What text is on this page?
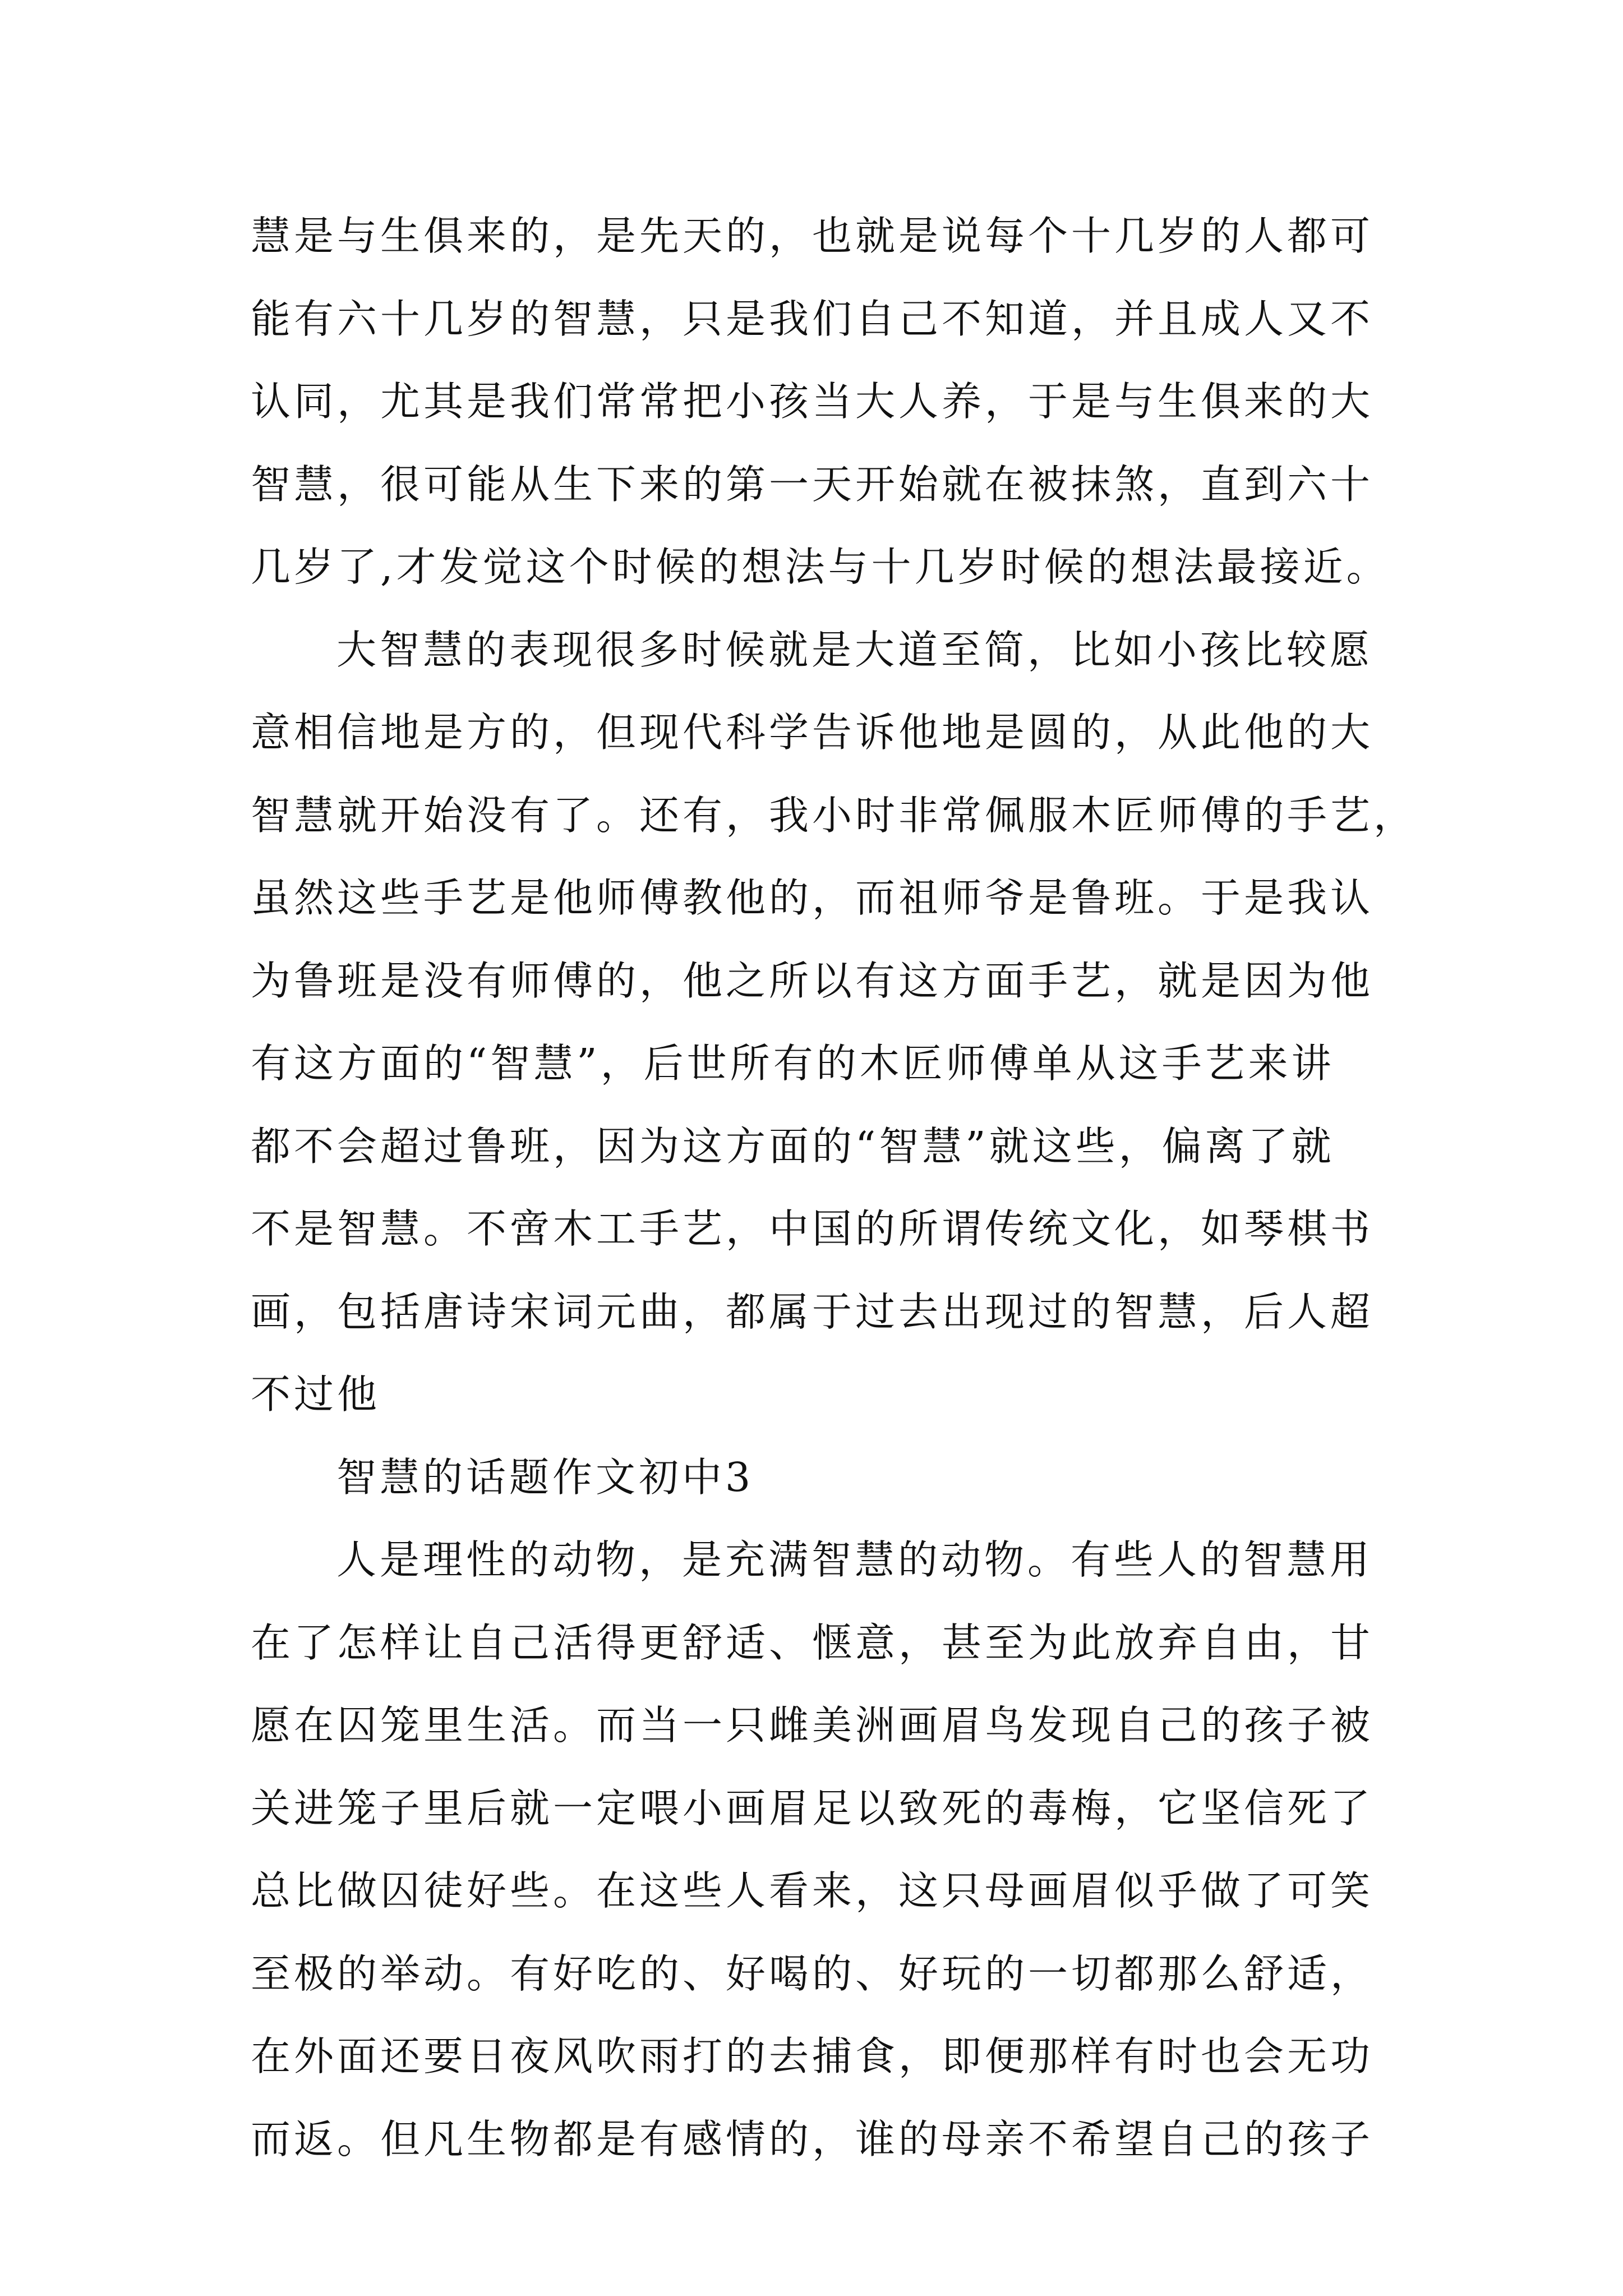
慧是与生俱来的，是先天的，也就是说每个十几岁的人都可
能有六十几岁的智慧，只是我们自己不知道，并且成人又不
认同，尤其是我们常常把小孩当大人养，于是与生俱来的大
智慧，很可能从生下来的第一天开始就在被抹煞，直到六十
几岁了,才发觉这个时候的想法与十几岁时候的想法最接近。
大智慧的表现很多时候就是大道至简，比如小孩比较愿
意相信地是方的，但现代科学告诉他地是圆的，从此他的大
智慧就开始没有了。还有，我小时非常佩服木匠师傅的手艺，
虽然这些手艺是他师傅教他的，而祖师爷是鲁班。于是我认
为鲁班是没有师傅的，他之所以有这方面手艺，就是因为他
有这方面的“智慧”，后世所有的木匠师傅单从这手艺来讲
都不会超过鲁班，因为这方面的“智慧”就这些，偏离了就
不是智慧。不啻木工手艺，中国的所谓传统文化，如琴棋书
画，包括唐诗宋词元曲，都属于过去出现过的智慧，后人超
不过他
智慧的话题作文初中3
人是理性的动物，是充满智慧的动物。有些人的智慧用
在了怎样让自己活得更舒适、惬意，甚至为此放弃自由，甘
愿在囚笼里生活。而当一只雌美洲画眉鸟发现自己的孩子被
关进笼子里后就一定喂小画眉足以致死的毒梅，它坚信死了
总比做囚徒好些。在这些人看来，这只母画眉似乎做了可笑
至极的举动。有好吃的、好喝的、好玩的一切都那么舒适，
在外面还要日夜风吹雨打的去捕食，即便那样有时也会无功
而返。但凡生物都是有感情的，谁的母亲不希望自己的孩子
